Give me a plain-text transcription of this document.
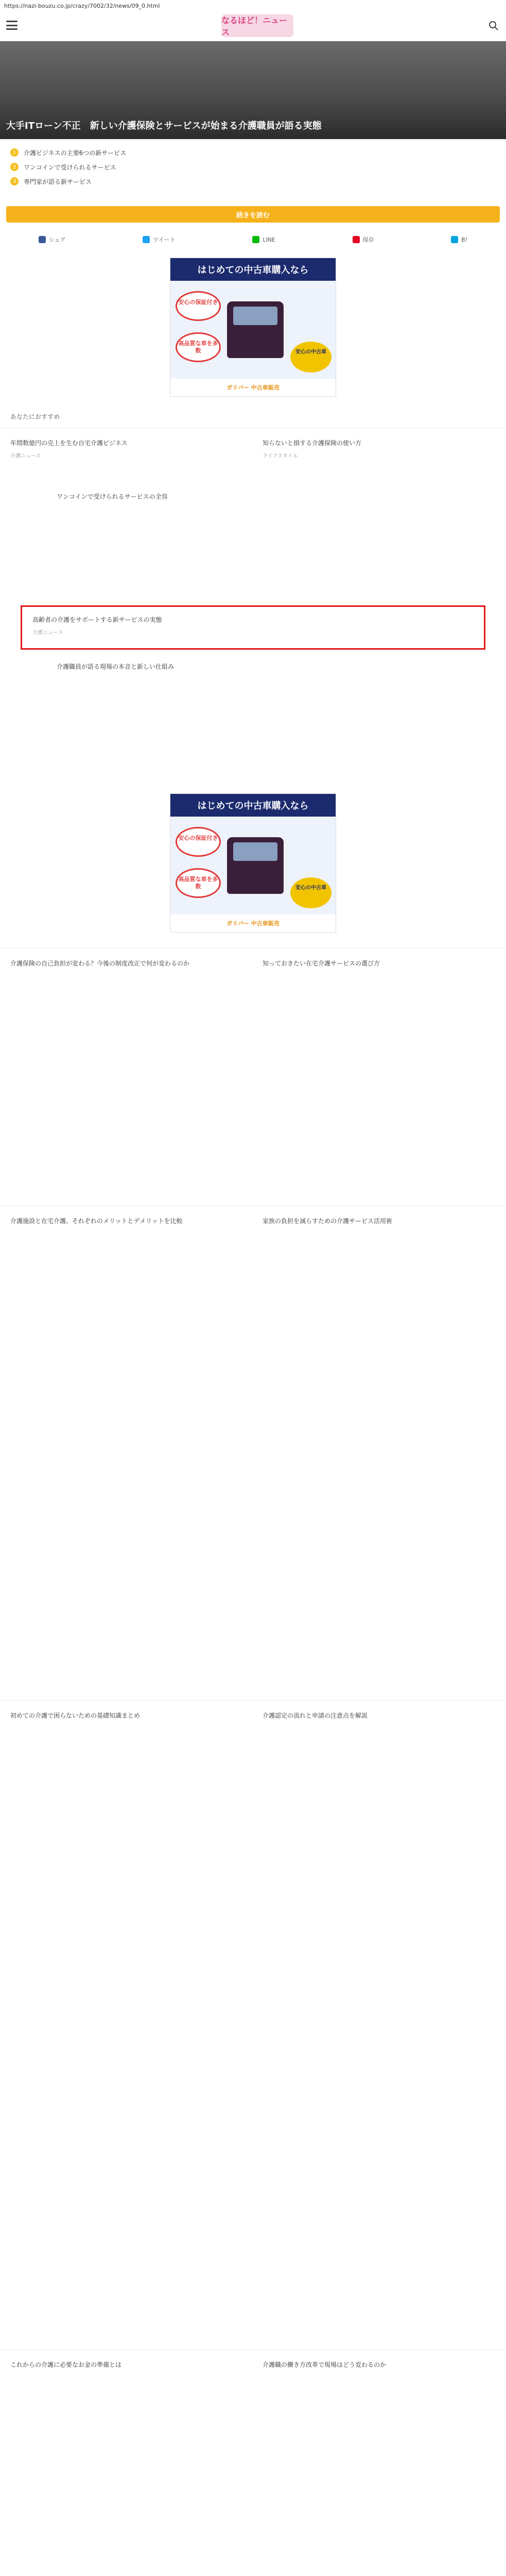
https://nazi-bouzu.co.jp/crazy/7002/32/news/09_0.html
なるほど！ニュース
大手ITローン不正　新しい介護保険とサービスが始まる介護職員が語る実態
1	介護ビジネスの主要6つの新サービス
2	ワンコインで受けられるサービス
3	専門家が語る新サービス
続きを読む
シェア	ツイート	LINE	保存	B!
はじめての中古車購入なら
安心の保証付き
高品質な車を多数	安心の中古車
ガリバー 中古車販売
あなたにおすすめ
年間数億円の売上を生む自宅介護ビジネス
介護ニュース
知らないと損する介護保険の使い方
ライフスタイル
ワンコインで受けられるサービスの全容
高齢者の介護をサポートする新サービスの実態
介護ニュース
介護職員が語る現場の本音と新しい仕組み
はじめての中古車購入なら
安心の保証付き
高品質な車を多数	安心の中古車
ガリバー 中古車販売
介護保険の自己負担が変わる？今後の制度改正で何が変わるのか	知っておきたい在宅介護サービスの選び方
介護施設と在宅介護、それぞれのメリットとデメリットを比較	家族の負担を減らすための介護サービス活用術
初めての介護で困らないための基礎知識まとめ	介護認定の流れと申請の注意点を解説
これからの介護に必要なお金の準備とは	介護職の働き方改革で現場はどう変わるのか
